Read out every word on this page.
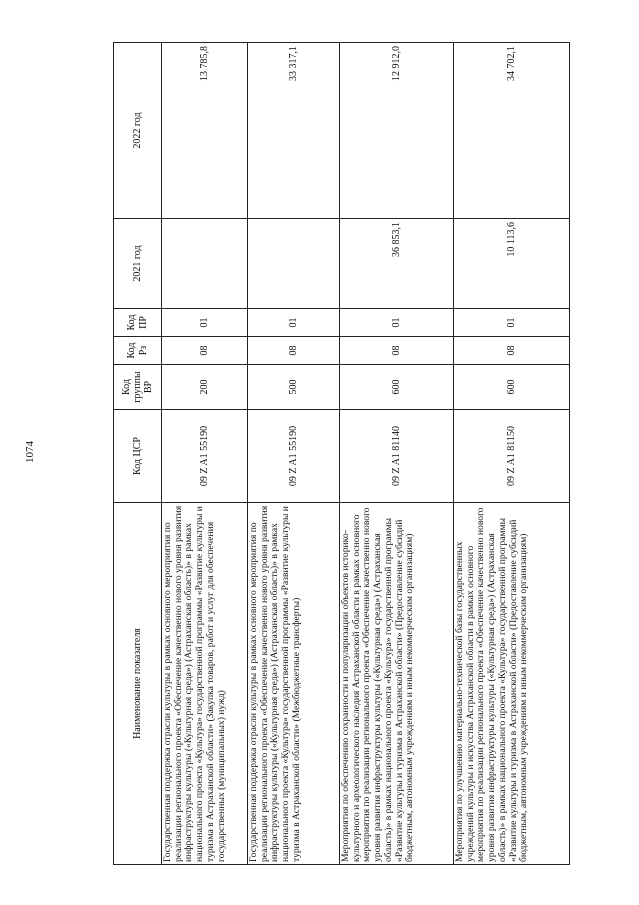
1074
Наименование показателя	Код ЦСР	Код группы ВР	Код Рз	Код ПР	2021 год	2022 год
Государственная поддержка отрасли культуры в рамках основного мероприятия по реализации регионального проекта «Обеспечение качественно нового уровня развития инфраструктуры культуры («Культурная среда») (Астраханская область)» в рамках национального проекта «Культура» государственной программы «Развитие культуры и туризма в Астраханской области» (Закупка товаров, работ и услуг для обеспечения государственных (муниципальных) нужд)	09 Z A1 55190	200	08	01		13 785,8
Государственная поддержка отрасли культуры в рамках основного мероприятия по реализации регионального проекта «Обеспечение качественно нового уровня развития инфраструктуры культуры («Культурная среда») (Астраханская область)» в рамках национального проекта «Культура» государственной программы «Развитие культуры и туризма в Астраханской области» (Межбюджетные трансферты)	09 Z A1 55190	500	08	01		33 317,1
Мероприятия по обеспечению сохранности и популяризации объектов историко-культурного и археологического наследия Астраханской области в рамках основного мероприятия по реализации регионального проекта «Обеспечение качественно нового уровня развития инфраструктуры культуры («Культурная среда») (Астраханская область)» в рамках национального проекта «Культура» государственной программы «Развитие культуры и туризма в Астраханской области» (Предоставление субсидий бюджетным, автономным учреждениям и иным некоммерческим организациям)	09 Z A1 81140	600	08	01	36 853,1	12 912,0
Мероприятия по улучшению материально-технической базы государственных учреждений культуры и искусства Астраханской области в рамках основного мероприятия по реализации регионального проекта «Обеспечение качественно нового уровня развития инфраструктуры культуры («Культурная среда») (Астраханская область)» в рамках национального проекта «Культура» государственной программы «Развитие культуры и туризма в Астраханской области» (Предоставление субсидий бюджетным, автономным учреждениям и иным некоммерческим организациям)	09 Z A1 81150	600	08	01	10 113,6	34 702,1
